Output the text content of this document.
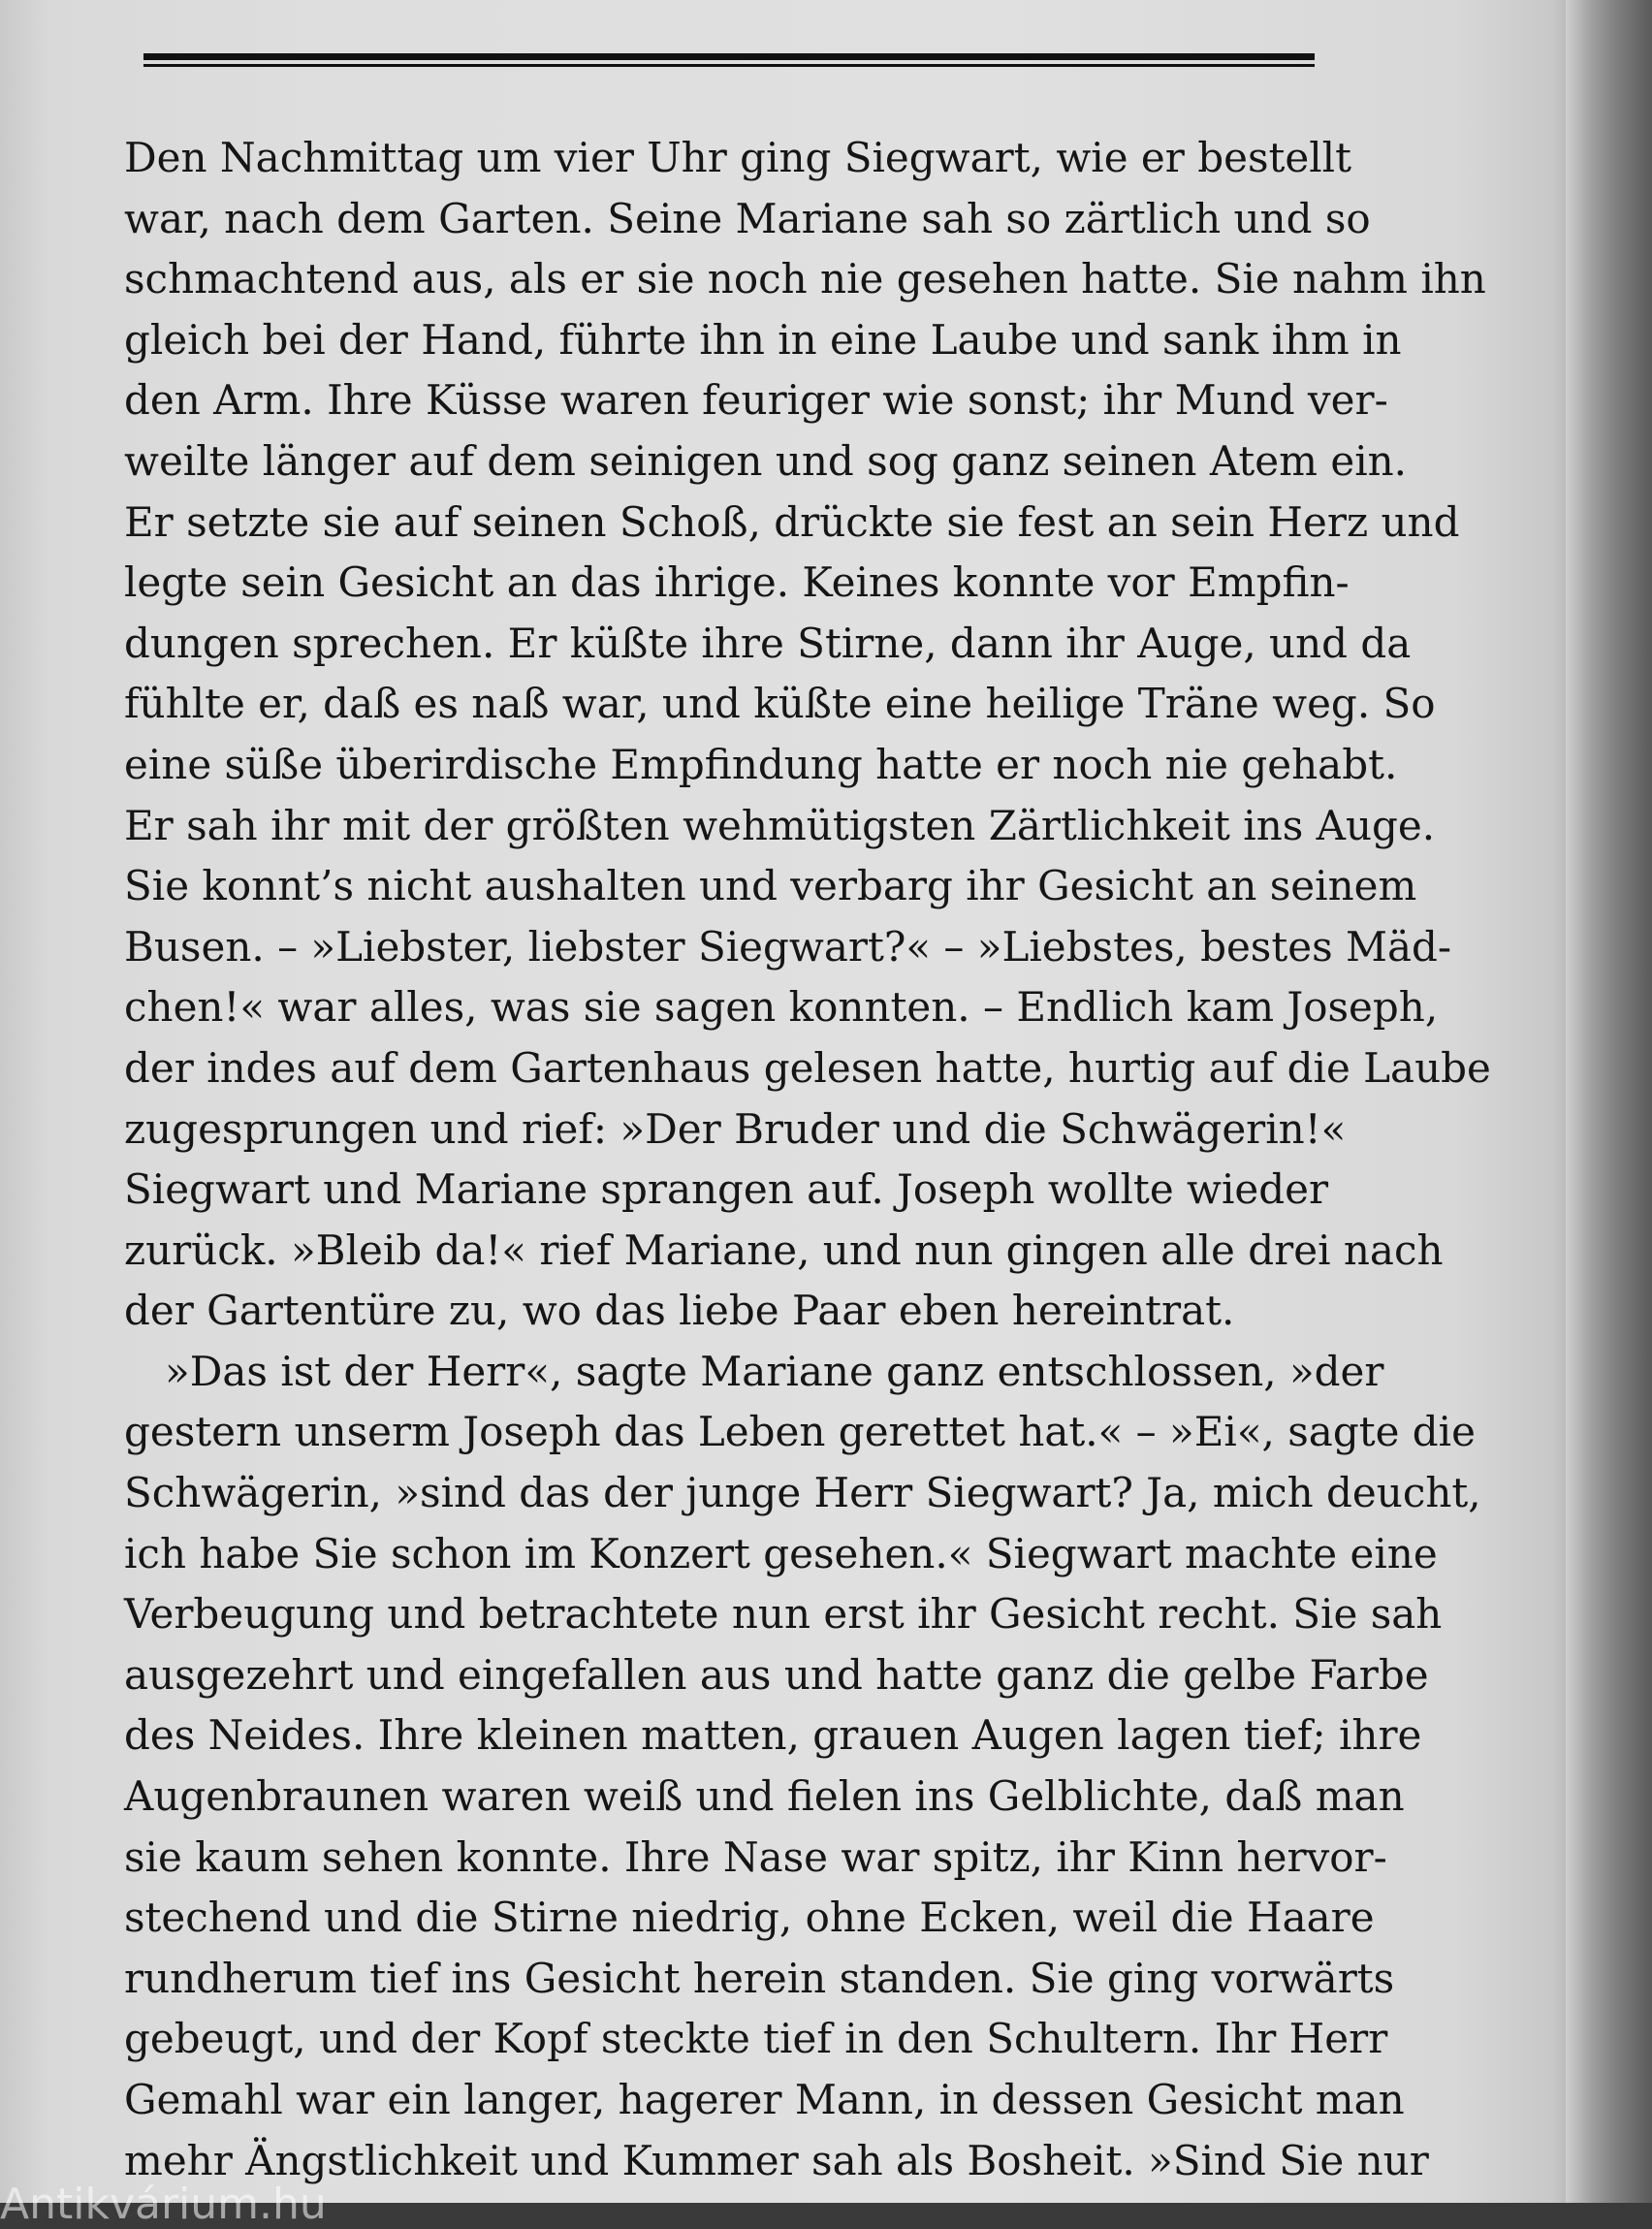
Den Nachmittag um vier Uhr ging Siegwart, wie er bestellt
war, nach dem Garten. Seine Mariane sah so zärtlich und so
schmachtend aus, als er sie noch nie gesehen hatte. Sie nahm ihn
gleich bei der Hand, führte ihn in eine Laube und sank ihm in
den Arm. Ihre Küsse waren feuriger wie sonst; ihr Mund ver-
weilte länger auf dem seinigen und sog ganz seinen Atem ein.
Er setzte sie auf seinen Schoß, drückte sie fest an sein Herz und
legte sein Gesicht an das ihrige. Keines konnte vor Empfin-
dungen sprechen. Er küßte ihre Stirne, dann ihr Auge, und da
fühlte er, daß es naß war, und küßte eine heilige Träne weg. So
eine süße überirdische Empfindung hatte er noch nie gehabt.
Er sah ihr mit der größten wehmütigsten Zärtlichkeit ins Auge.
Sie konnt’s nicht aushalten und verbarg ihr Gesicht an seinem
Busen. – »Liebster, liebster Siegwart?« – »Liebstes, bestes Mäd-
chen!« war alles, was sie sagen konnten. – Endlich kam Joseph,
der indes auf dem Gartenhaus gelesen hatte, hurtig auf die Laube
zugesprungen und rief: »Der Bruder und die Schwägerin!«
Siegwart und Mariane sprangen auf. Joseph wollte wieder
zurück. »Bleib da!« rief Mariane, und nun gingen alle drei nach
der Gartentüre zu, wo das liebe Paar eben hereintrat.
»Das ist der Herr«, sagte Mariane ganz entschlossen, »der
gestern unserm Joseph das Leben gerettet hat.« – »Ei«, sagte die
Schwägerin, »sind das der junge Herr Siegwart? Ja, mich deucht,
ich habe Sie schon im Konzert gesehen.« Siegwart machte eine
Verbeugung und betrachtete nun erst ihr Gesicht recht. Sie sah
ausgezehrt und eingefallen aus und hatte ganz die gelbe Farbe
des Neides. Ihre kleinen matten, grauen Augen lagen tief; ihre
Augenbraunen waren weiß und fielen ins Gelblichte, daß man
sie kaum sehen konnte. Ihre Nase war spitz, ihr Kinn hervor-
stechend und die Stirne niedrig, ohne Ecken, weil die Haare
rundherum tief ins Gesicht herein standen. Sie ging vorwärts
gebeugt, und der Kopf steckte tief in den Schultern. Ihr Herr
Gemahl war ein langer, hagerer Mann, in dessen Gesicht man
mehr Ängstlichkeit und Kummer sah als Bosheit. »Sind Sie nur
Antikvárium.hu
